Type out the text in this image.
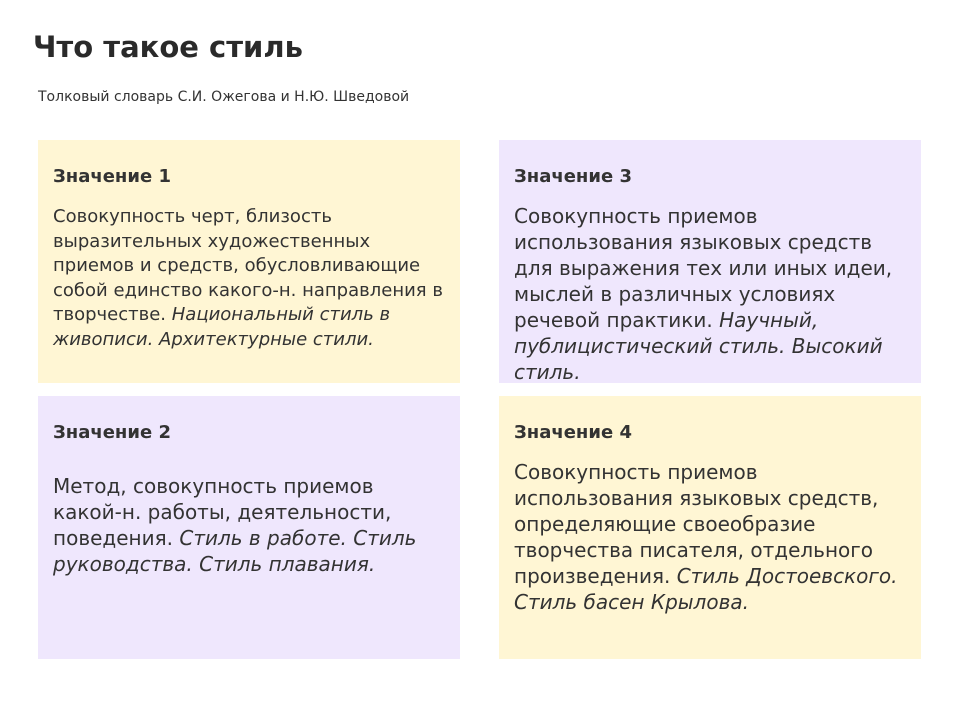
Что такое стиль
Толковый словарь С.И. Ожегова и Н.Ю. Шведовой
Значение 1

Совокупность черт, близость выразительных художественных приемов и средств, обусловливающие собой единство какого-н. направления в творчестве. Национальный стиль в живописи. Архитектурные стили.

Значение 3

Совокупность приемов использования языковых средств для выражения тех или иных идеи, мыслей в различных условиях речевой практики. Научный, публицистический стиль. Высокий стиль.

Значение 2

Метод, совокупность приемов какой-н. работы, деятельности, поведения. Стиль в работе. Стиль руководства. Стиль плавания.

Значение 4

Совокупность приемов использования языковых средств, определяющие своеобразие творчества писателя, отдельного произведения. Стиль Достоевского. Стиль басен Крылова.
